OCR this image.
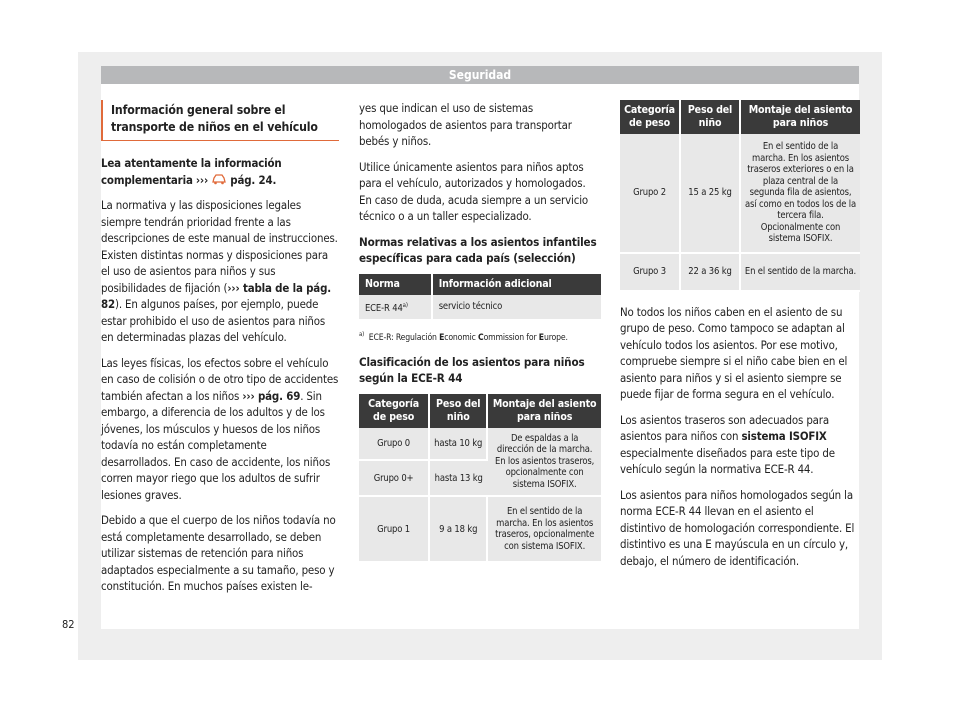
Seguridad
Información general sobre el transporte de niños en el vehículo

Lea atentamente la información complementaria ››› pág. 24.

La normativa y las disposiciones legales siempre tendrán prioridad frente a las descripciones de este manual de instrucciones. Existen distintas normas y disposiciones para el uso de asientos para niños y sus posibilidades de fijación (››› tabla de la pág. 82). En algunos países, por ejemplo, puede estar prohibido el uso de asientos para niños en determinadas plazas del vehículo.

Las leyes físicas, los efectos sobre el vehículo en caso de colisión o de otro tipo de accidentes también afectan a los niños ››› pág. 69. Sin embargo, a diferencia de los adultos y de los jóvenes, los músculos y huesos de los niños todavía no están completamente desarrollados. En caso de accidente, los niños corren mayor riego que los adultos de sufrir lesiones graves.

Debido a que el cuerpo de los niños todavía no está completamente desarrollado, se deben utilizar sistemas de retención para niños adaptados especialmente a su tamaño, peso y constitución. En muchos países existen le-

yes que indican el uso de sistemas homologados de asientos para transportar bebés y niños.

Utilice únicamente asientos para niños aptos para el vehículo, autorizados y homologados. En caso de duda, acuda siempre a un servicio técnico o a un taller especializado.

Normas relativas a los asientos infantiles específicas para cada país (selección)
Norma	Información adicional
ECE-R 44$^{a)}$	servicio técnico
$^{a)}$ ECE-R: Regulación Economic Commission for Europe.
Clasificación de los asientos para niños según la ECE-R 44
Categoría de peso	Peso del niño	Montaje del asiento para niños
Grupo 0	hasta 10 kg	De espaldas a la dirección de la marcha. En los asientos traseros, opcionalmente con sistema ISOFIX.
Grupo 0+	hasta 13 kg	
Grupo 1	9 a 18 kg	En el sentido de la marcha. En los asientos traseros, opcionalmente con sistema ISOFIX.
Categoría de peso	Peso del niño	Montaje del asiento para niños
Grupo 2	15 a 25 kg	En el sentido de la marcha. En los asientos traseros exteriores o en la plaza central de la segunda fila de asientos, así como en todos los de la tercera fila. Opcionalmente con sistema ISOFIX.
Grupo 3	22 a 36 kg	En el sentido de la marcha.

No todos los niños caben en el asiento de su grupo de peso. Como tampoco se adaptan al vehículo todos los asientos. Por ese motivo, compruebe siempre si el niño cabe bien en el asiento para niños y si el asiento siempre se puede fijar de forma segura en el vehículo.

Los asientos traseros son adecuados para asientos para niños con sistema ISOFIX especialmente diseñados para este tipo de vehículo según la normativa ECE-R 44.

Los asientos para niños homologados según la norma ECE-R 44 llevan en el asiento el distintivo de homologación correspondiente. El distintivo es una E mayúscula en un círculo y, debajo, el número de identificación.

82
